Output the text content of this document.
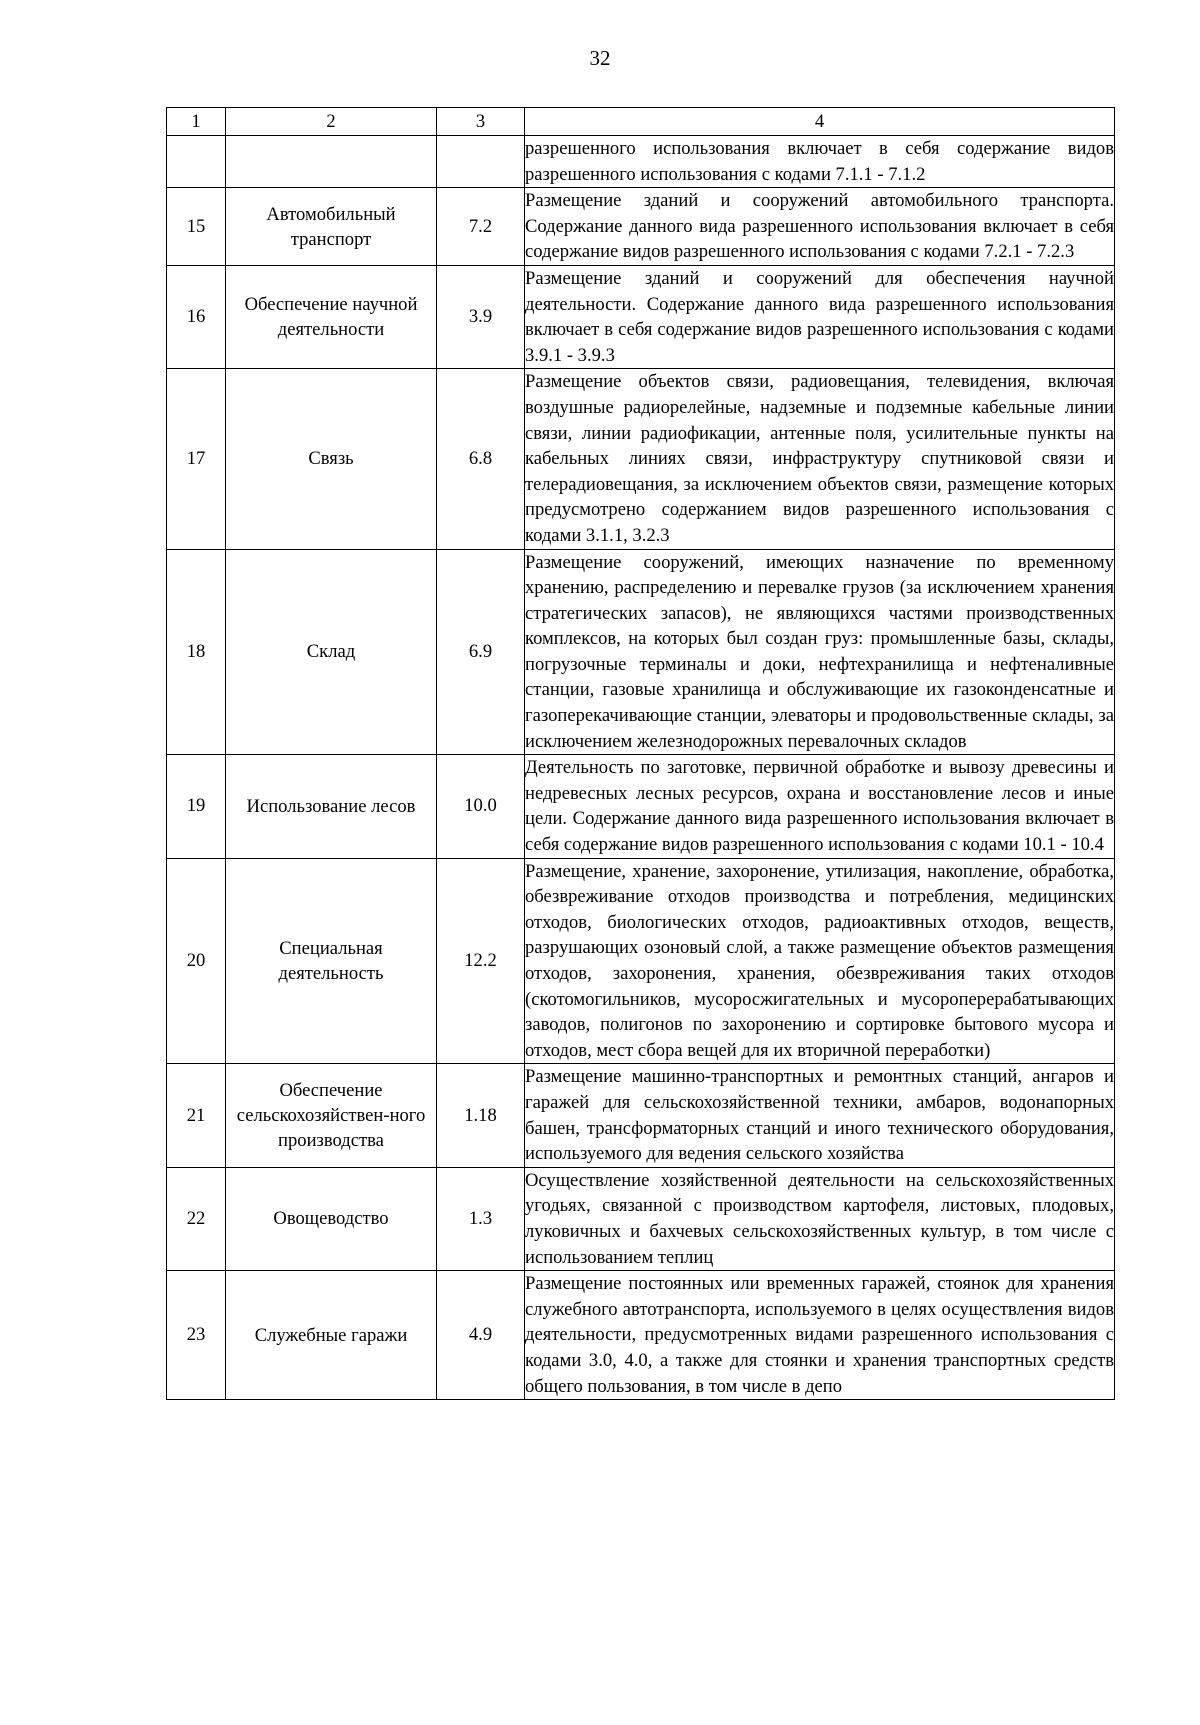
32
1	2	3	4
			разрешенного использования включает в себя содержание видов разрешенного использования с кодами 7.1.1 - 7.1.2
15	Автомобильный транспорт	7.2	Размещение зданий и сооружений автомобильного транспорта. Содержание данного вида разрешенного использования включает в себя содержание видов разрешенного использования с кодами 7.2.1 - 7.2.3
16	Обеспечение научной деятельности	3.9	Размещение зданий и сооружений для обеспечения научной деятельности. Содержание данного вида разрешенного использования включает в себя содержание видов разрешенного использования с кодами 3.9.1 - 3.9.3
17	Связь	6.8	Размещение объектов связи, радиовещания, телевидения, включая воздушные радиорелейные, надземные и подземные кабельные линии связи, линии радиофикации, антенные поля, усилительные пункты на кабельных линиях связи, инфраструктуру спутниковой связи и телерадиовещания, за исключением объектов связи, размещение которых предусмотрено содержанием видов разрешенного использования с кодами 3.1.1, 3.2.3
18	Склад	6.9	Размещение сооружений, имеющих назначение по временному хранению, распределению и перевалке грузов (за исключением хранения стратегических запасов), не являющихся частями производственных комплексов, на которых был создан груз: промышленные базы, склады, погрузочные терминалы и доки, нефтехранилища и нефтеналивные станции, газовые хранилища и обслуживающие их газоконденсатные и газоперекачивающие станции, элеваторы и продовольственные склады, за исключением железнодорожных перевалочных складов
19	Использование лесов	10.0	Деятельность по заготовке, первичной обработке и вывозу древесины и недревесных лесных ресурсов, охрана и восстановление лесов и иные цели. Содержание данного вида разрешенного использования включает в себя содержание видов разрешенного использования с кодами 10.1 - 10.4
20	Специальная деятельность	12.2	Размещение, хранение, захоронение, утилизация, накопление, обработка, обезвреживание отходов производства и потребления, медицинских отходов, биологических отходов, радиоактивных отходов, веществ, разрушающих озоновый слой, а также размещение объектов размещения отходов, захоронения, хранения, обезвреживания таких отходов (скотомогильников, мусоросжигательных и мусороперерабатывающих заводов, полигонов по захоронению и сортировке бытового мусора и отходов, мест сбора вещей для их вторичной переработки)
21	Обеспечение сельскохозяйствен-ного производства	1.18	Размещение машинно-транспортных и ремонтных станций, ангаров и гаражей для сельскохозяйственной техники, амбаров, водонапорных башен, трансформаторных станций и иного технического оборудования, используемого для ведения сельского хозяйства
22	Овощеводство	1.3	Осуществление хозяйственной деятельности на сельскохозяйственных угодьях, связанной с производством картофеля, листовых, плодовых, луковичных и бахчевых сельскохозяйственных культур, в том числе с использованием теплиц
23	Служебные гаражи	4.9	Размещение постоянных или временных гаражей, стоянок для хранения служебного автотранспорта, используемого в целях осуществления видов деятельности, предусмотренных видами разрешенного использования с кодами 3.0, 4.0, а также для стоянки и хранения транспортных средств общего пользования, в том числе в депо
